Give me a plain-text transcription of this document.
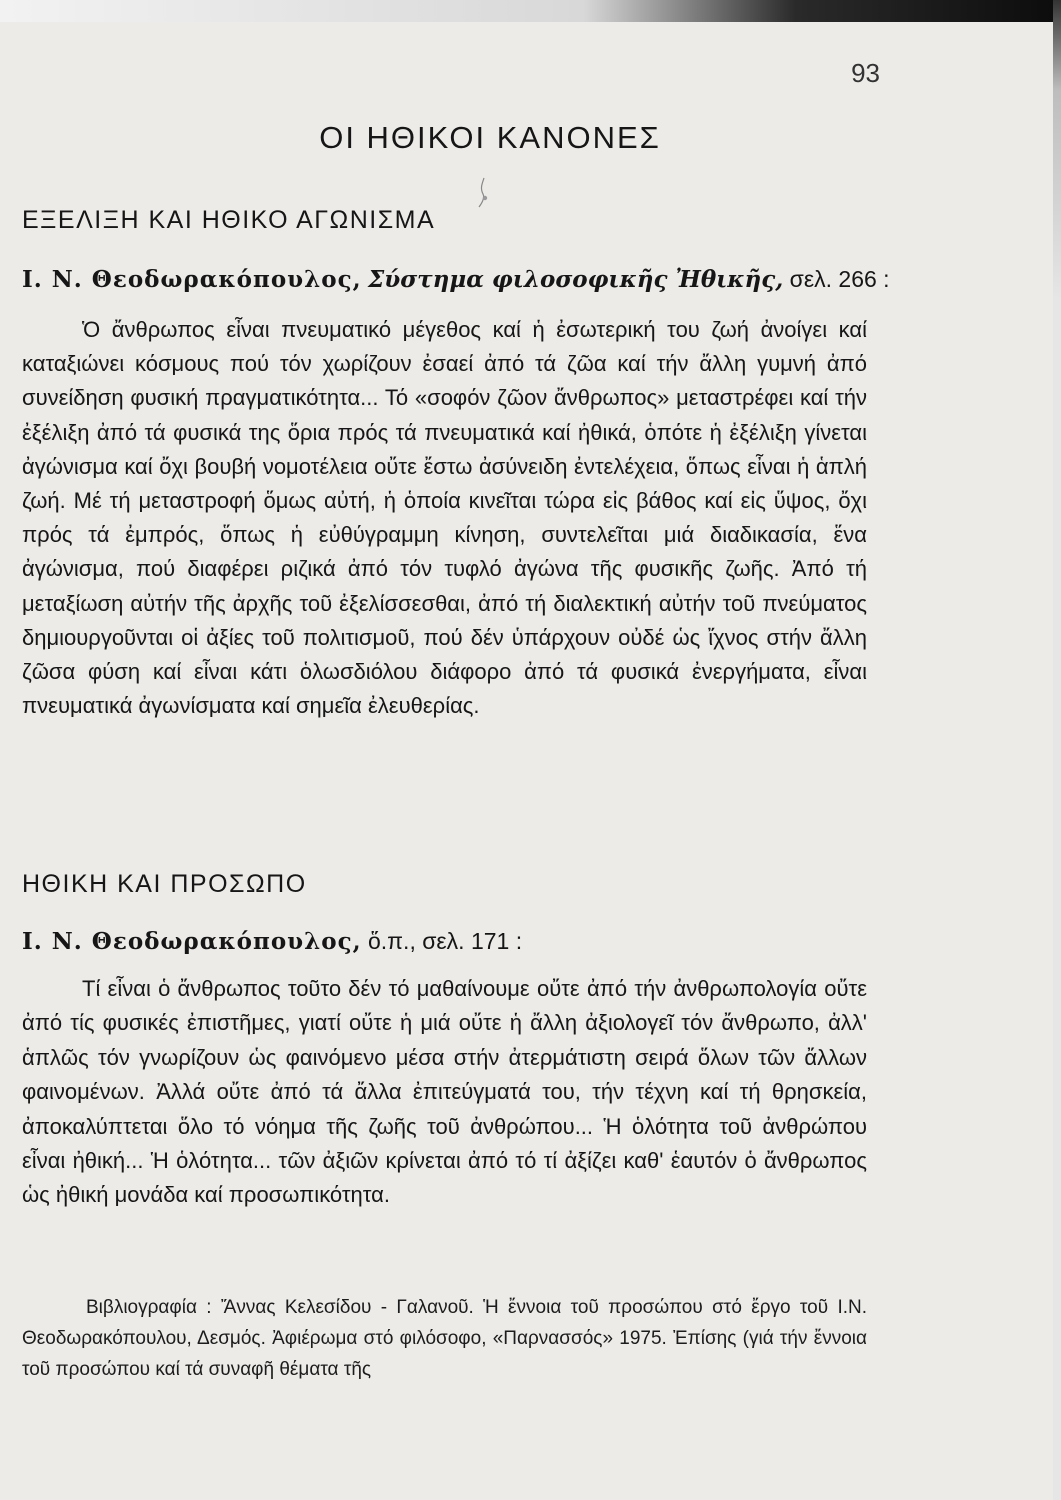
93
ΟΙ ΗΘΙΚΟΙ ΚΑΝΟΝΕΣ
ΕΞΕΛΙΞΗ ΚΑΙ ΗΘΙΚΟ ΑΓΩΝΙΣΜΑ
Ι. Ν. Θεοδωρακόπουλος, Σύστημα φιλοσοφικῆς Ἠθικῆς, σελ. 266 :

Ὁ ἄνθρωπος εἶναι πνευματικό μέγεθος καί ἡ ἐσωτερική του ζωή ἀνοίγει καί καταξιώνει κόσμους πού τόν χωρίζουν ἐσαεί ἀπό τά ζῶα καί τήν ἄλλη γυμνή ἀπό συνείδηση φυσική πραγματικότητα... Τό «σοφόν ζῶον ἄνθρωπος» μεταστρέφει καί τήν ἐξέλιξη ἀπό τά φυσικά της ὅρια πρός τά πνευματικά καί ἠθικά, ὁπότε ἡ ἐξέλιξη γίνεται ἀγώνισμα καί ὄχι βουβή νομοτέλεια οὔτε ἔστω ἀσύνειδη ἐντελέχεια, ὅπως εἶναι ἡ ἁπλή ζωή. Μέ τή μεταστροφή ὅμως αὐτή, ἡ ὁποία κινεῖται τώρα εἰς βάθος καί εἰς ὕψος, ὄχι πρός τά ἐμπρός, ὅπως ἡ εὐθύγραμμη κίνηση, συντελεῖται μιά διαδικασία, ἕνα ἀγώνισμα, πού διαφέρει ριζικά ἀπό τόν τυφλό ἀγώνα τῆς φυσικῆς ζωῆς. Ἀπό τή μεταξίωση αὐτήν τῆς ἀρχῆς τοῦ ἐξελίσσεσθαι, ἀπό τή διαλεκτική αὐτήν τοῦ πνεύματος δημιουργοῦνται οἱ ἀξίες τοῦ πολιτισμοῦ, πού δέν ὑπάρχουν οὐδέ ὡς ἴχνος στήν ἄλλη ζῶσα φύση καί εἶναι κάτι ὁλωσδιόλου διάφορο ἀπό τά φυσικά ἐνεργήματα, εἶναι πνευματικά ἀγωνίσματα καί σημεῖα ἐλευθερίας.

ΗΘΙΚΗ ΚΑΙ ΠΡΟΣΩΠΟ
Ι. Ν. Θεοδωρακόπουλος, ὅ.π., σελ. 171 :

Τί εἶναι ὁ ἄνθρωπος τοῦτο δέν τό μαθαίνουμε οὔτε ἀπό τήν ἀνθρωπολογία οὔτε ἀπό τίς φυσικές ἐπιστῆμες, γιατί οὔτε ἡ μιά οὔτε ἡ ἄλλη ἀξιολογεῖ τόν ἄνθρωπο, ἀλλ' ἁπλῶς τόν γνωρίζουν ὡς φαινόμενο μέσα στήν ἀτερμάτιστη σειρά ὅλων τῶν ἄλλων φαινομένων. Ἀλλά οὔτε ἀπό τά ἄλλα ἐπιτεύγματά του, τήν τέχνη καί τή θρησκεία, ἀποκαλύπτεται ὅλο τό νόημα τῆς ζωῆς τοῦ ἀνθρώπου... Ἡ ὁλότητα τοῦ ἀνθρώπου εἶναι ἠθική... Ἡ ὁλότητα... τῶν ἀξιῶν κρίνεται ἀπό τό τί ἀξίζει καθ' ἑαυτόν ὁ ἄνθρωπος ὡς ἠθική μονάδα καί προσωπικότητα.

Βιβλιογραφία : Ἄννας Κελεσίδου - Γαλανοῦ. Ἡ ἔννοια τοῦ προσώπου στό ἔργο τοῦ Ι.Ν. Θεοδωρακόπουλου, Δεσμός. Ἀφιέρωμα στό φιλόσοφο, «Παρνασσός» 1975. Ἐπίσης (γιά τήν ἔννοια τοῦ προσώπου καί τά συναφῆ θέματα τῆς
